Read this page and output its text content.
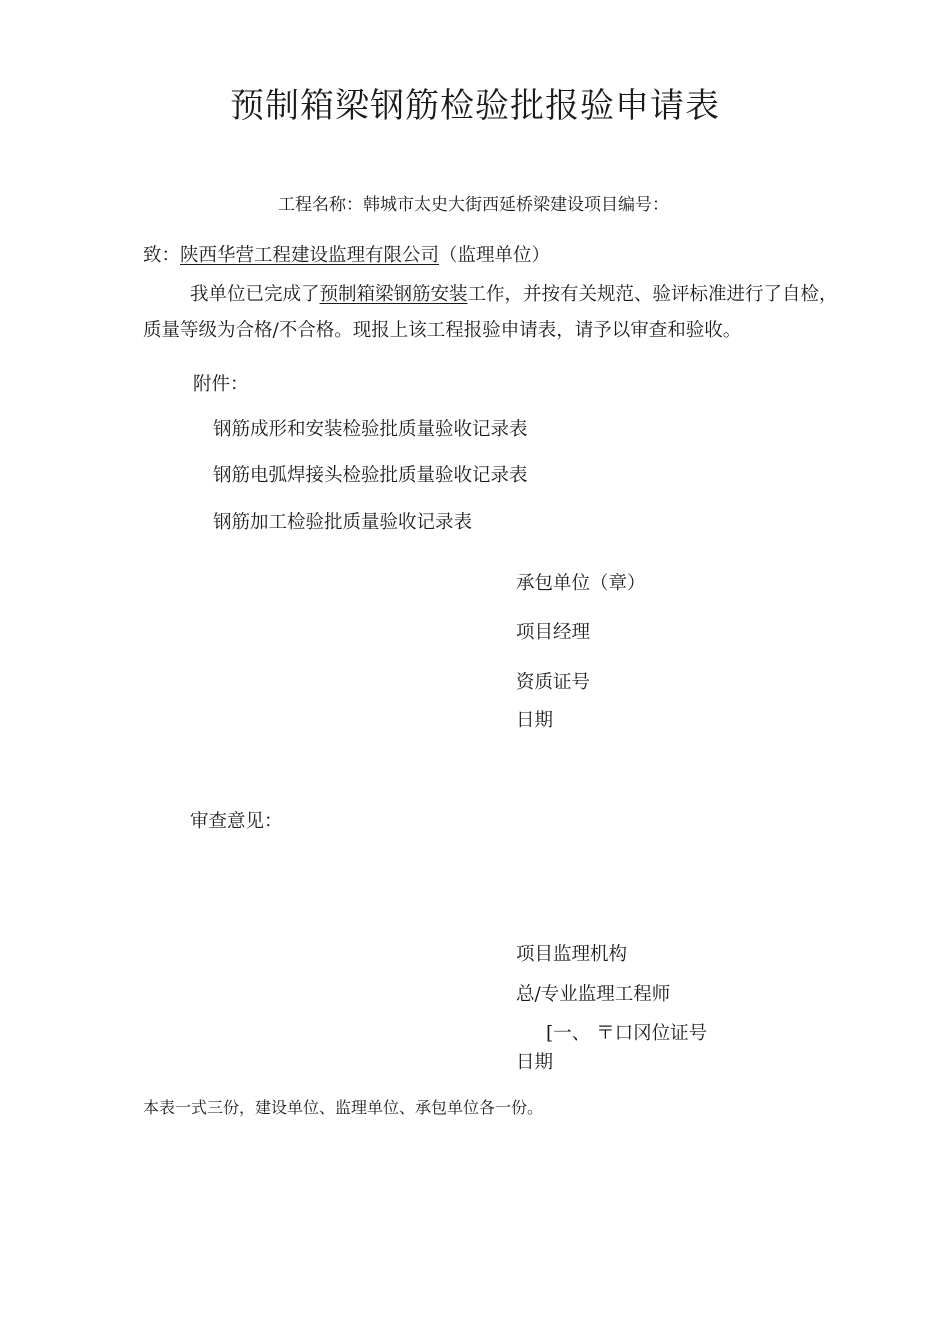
预制箱梁钢筋检验批报验申请表
工程名称：韩城市太史大街西延桥梁建设项目编号：
致：陕西华营工程建设监理有限公司（监理单位）
我单位已完成了预制箱梁钢筋安装工作，并按有关规范、验评标准进行了自检，
质量等级为合格/不合格。现报上该工程报验申请表，请予以审查和验收。
附件：
钢筋成形和安装检验批质量验收记录表
钢筋电弧焊接头检验批质量验收记录表
钢筋加工检验批质量验收记录表
承包单位（章）
项目经理
资质证号
日期
审查意见：
项目监理机构
总/专业监理工程师
[一、 〒口冈位证号
日期
本表一式三份，建设单位、监理单位、承包单位各一份。
